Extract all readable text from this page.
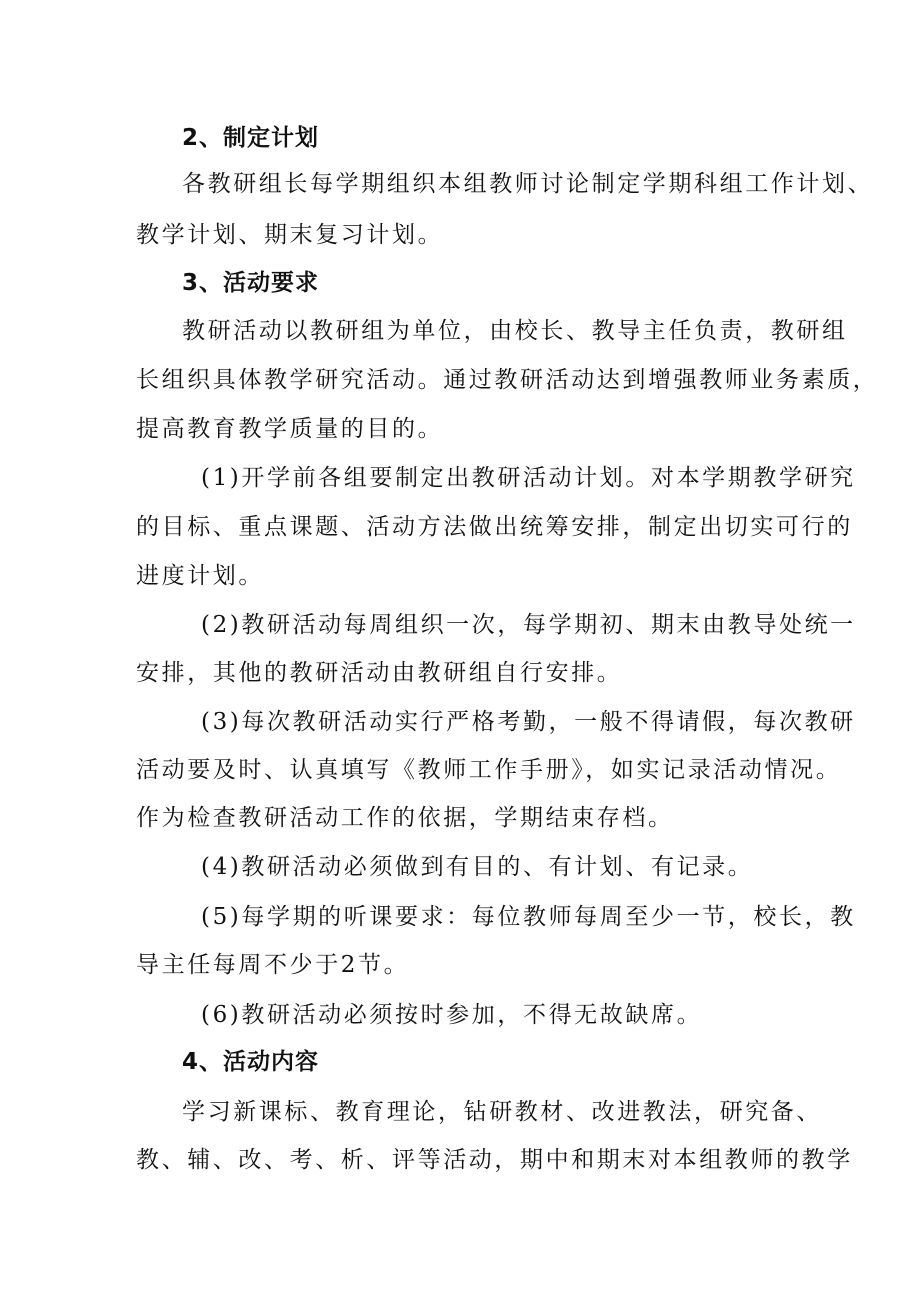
2、制定计划
各教研组长每学期组织本组教师讨论制定学期科组工作计划、
教学计划、期末复习计划。
3、活动要求
教研活动以教研组为单位，由校长、教导主任负责，教研组
长组织具体教学研究活动。通过教研活动达到增强教师业务素质，
提高教育教学质量的目的。
(1)开学前各组要制定出教研活动计划。对本学期教学研究
的目标、重点课题、活动方法做出统筹安排，制定出切实可行的
进度计划。
(2)教研活动每周组织一次，每学期初、期末由教导处统一
安排，其他的教研活动由教研组自行安排。
(3)每次教研活动实行严格考勤，一般不得请假，每次教研
活动要及时、认真填写《教师工作手册》，如实记录活动情况。
作为检查教研活动工作的依据，学期结束存档。
(4)教研活动必须做到有目的、有计划、有记录。
(5)每学期的听课要求：每位教师每周至少一节，校长，教
导主任每周不少于2节。
(6)教研活动必须按时参加，不得无故缺席。
4、活动内容
学习新课标、教育理论，钻研教材、改进教法，研究备、
教、辅、改、考、析、评等活动，期中和期末对本组教师的教学
